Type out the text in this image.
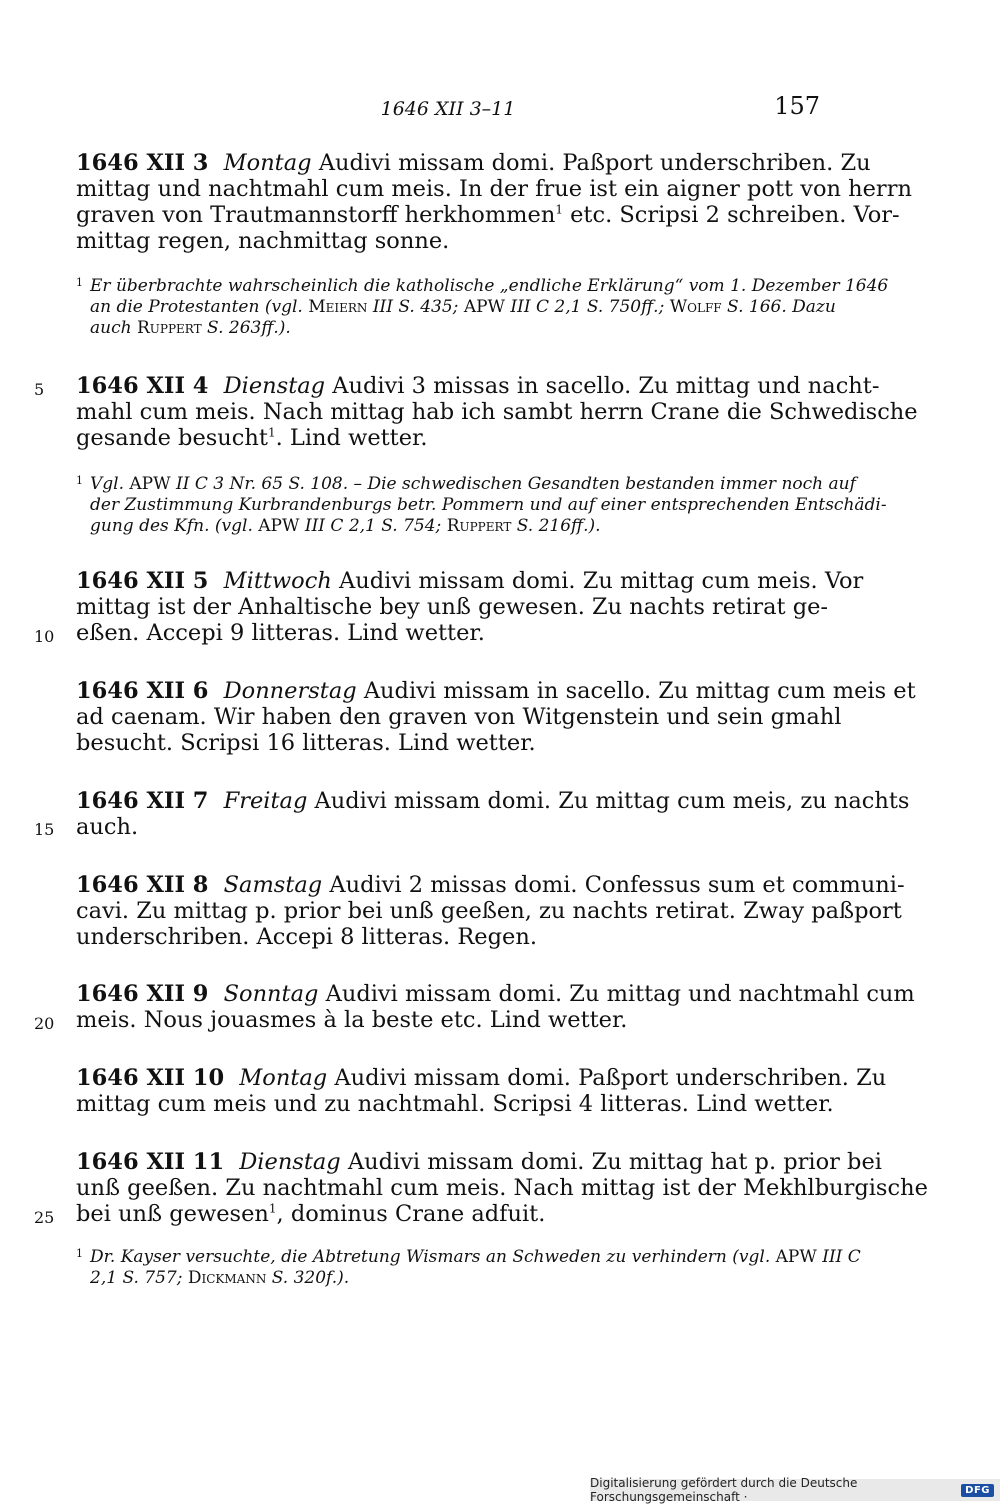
1646 XII 3–11	157
1646 XII 3 Montag Audivi missam domi. Paßport underschriben. Zu
mittag und nachtmahl cum meis. In der frue ist ein aigner pott von herrn
graven von Trautmannstorff herkhommen$^1$ etc. Scripsi 2 schreiben. Vor-
mittag regen, nachmittag sonne.
1 Er überbrachte wahrscheinlich die katholische „endliche Erklärung“ vom 1. Dezember 1646
an die Protestanten (vgl. Meiern III S. 435; APW III C 2,1 S. 750ff.; Wolff S. 166. Dazu
auch Ruppert S. 263ff.).
1646 XII 4 Dienstag Audivi 3 missas in sacello. Zu mittag und nacht-
mahl cum meis. Nach mittag hab ich sambt herrn Crane die Schwedische
gesande besucht$^1$. Lind wetter.
1 Vgl. APW II C 3 Nr. 65 S. 108. – Die schwedischen Gesandten bestanden immer noch auf
der Zustimmung Kurbrandenburgs betr. Pommern und auf einer entsprechenden Entschädi-
gung des Kfn. (vgl. APW III C 2,1 S. 754; Ruppert S. 216ff.).
1646 XII 5 Mittwoch Audivi missam domi. Zu mittag cum meis. Vor
mittag ist der Anhaltische bey unß gewesen. Zu nachts retirat ge-
eßen. Accepi 9 litteras. Lind wetter.
1646 XII 6 Donnerstag Audivi missam in sacello. Zu mittag cum meis et
ad caenam. Wir haben den graven von Witgenstein und sein gmahl
besucht. Scripsi 16 litteras. Lind wetter.
1646 XII 7 Freitag Audivi missam domi. Zu mittag cum meis, zu nachts
auch.
1646 XII 8 Samstag Audivi 2 missas domi. Confessus sum et communi-
cavi. Zu mittag p. prior bei unß geeßen, zu nachts retirat. Zway paßport
underschriben. Accepi 8 litteras. Regen.
1646 XII 9 Sonntag Audivi missam domi. Zu mittag und nachtmahl cum
meis. Nous jouasmes à la beste etc. Lind wetter.
1646 XII 10 Montag Audivi missam domi. Paßport underschriben. Zu
mittag cum meis und zu nachtmahl. Scripsi 4 litteras. Lind wetter.
1646 XII 11 Dienstag Audivi missam domi. Zu mittag hat p. prior bei
unß geeßen. Zu nachtmahl cum meis. Nach mittag ist der Mekhlburgische
bei unß gewesen$^1$, dominus Crane adfuit.
1 Dr. Kayser versuchte, die Abtretung Wismars an Schweden zu verhindern (vgl. APW III C
2,1 S. 757; Dickmann S. 320f.).
5
10
15
20
25
Digitalisierung gefördert durch die Deutsche Forschungsgemeinschaft ·	DFG
